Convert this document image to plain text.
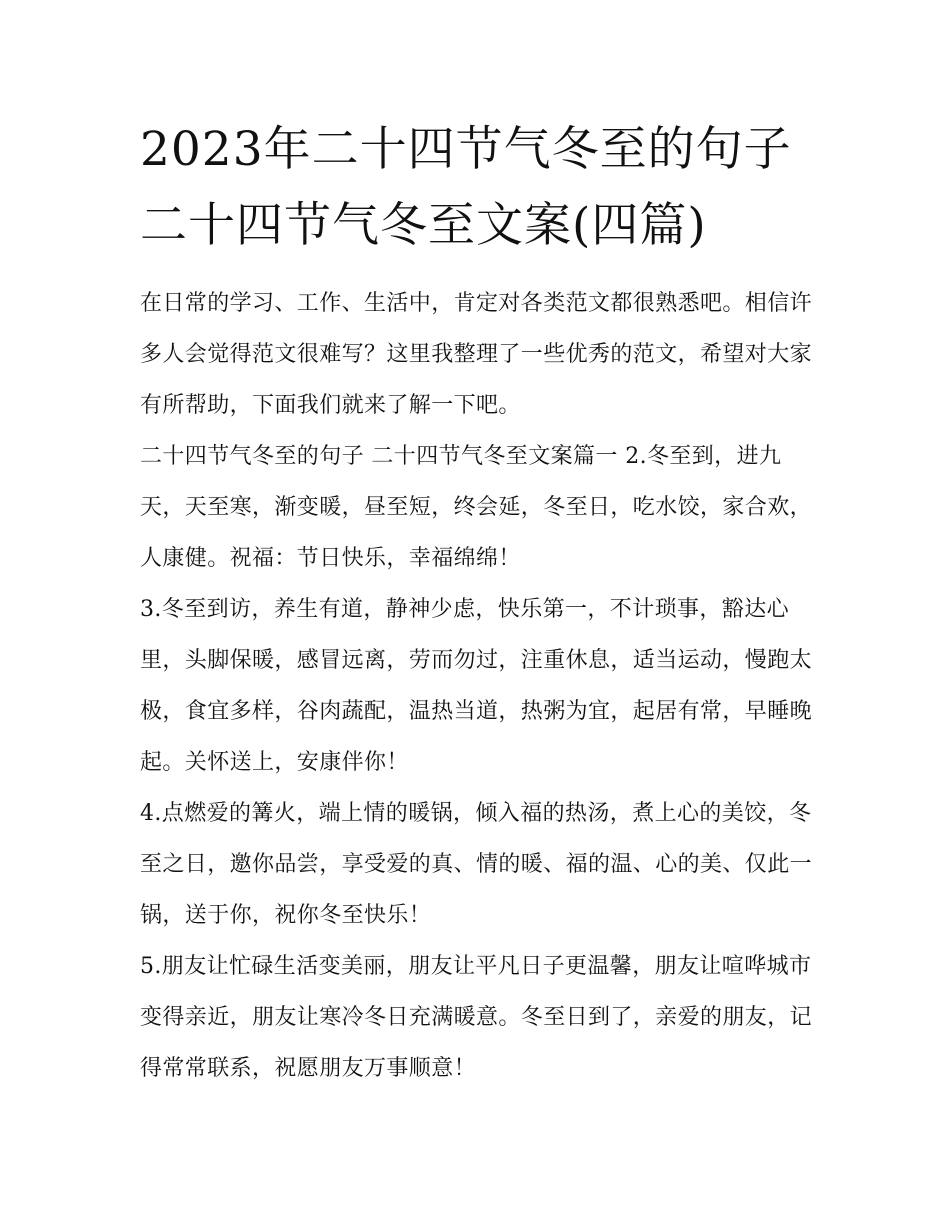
2023年二十四节气冬至的句子
二十四节气冬至文案(四篇)

在日常的学习、工作、生活中，肯定对各类范文都很熟悉吧。相信许多人会觉得范文很难写？这里我整理了一些优秀的范文，希望对大家有所帮助，下面我们就来了解一下吧。

二十四节气冬至的句子 二十四节气冬至文案篇一 2.冬至到，进九天，天至寒，渐变暖，昼至短，终会延，冬至日，吃水饺，家合欢，人康健。祝福：节日快乐，幸福绵绵！

3.冬至到访，养生有道，静神少虑，快乐第一，不计琐事，豁达心里，头脚保暖，感冒远离，劳而勿过，注重休息，适当运动，慢跑太极，食宜多样，谷肉蔬配，温热当道，热粥为宜，起居有常，早睡晚起。关怀送上，安康伴你！

4.点燃爱的篝火，端上情的暖锅，倾入福的热汤，煮上心的美饺，冬至之日，邀你品尝，享受爱的真、情的暖、福的温、心的美、仅此一锅，送于你，祝你冬至快乐！

5.朋友让忙碌生活变美丽，朋友让平凡日子更温馨，朋友让喧哗城市变得亲近，朋友让寒冷冬日充满暖意。冬至日到了，亲爱的朋友，记得常常联系，祝愿朋友万事顺意！
